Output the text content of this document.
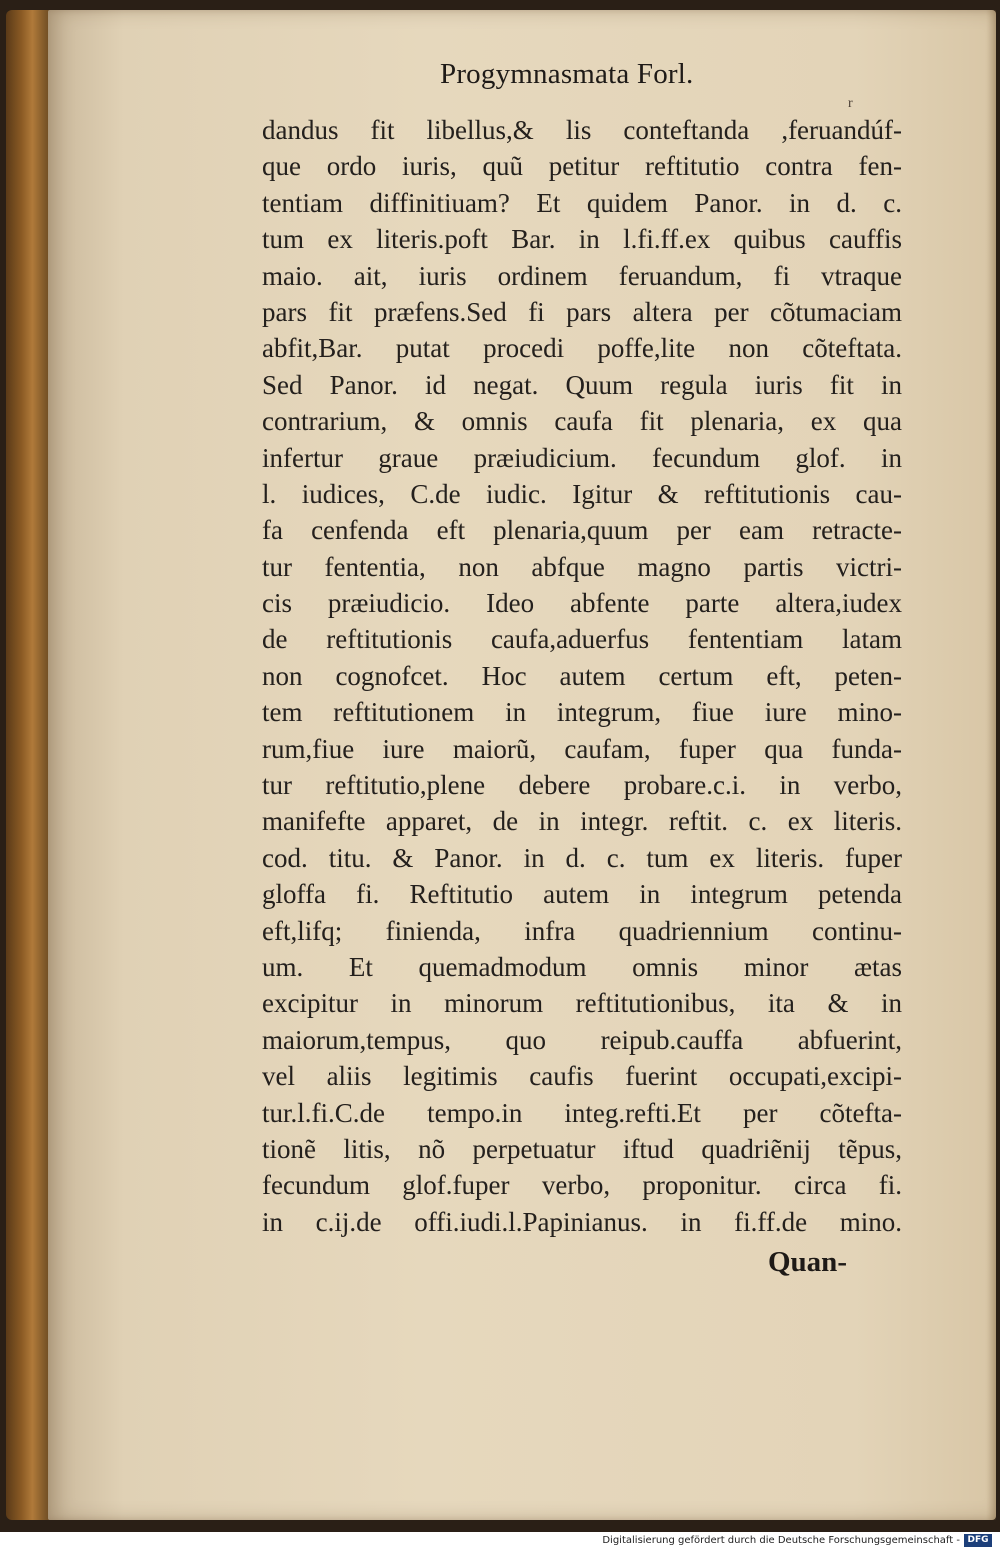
Progymnasmata Forl.
r
dandus fit libellus,& lis conteftanda ,feruandúf-
que ordo iuris, quũ petitur reftitutio contra fen-
tentiam diffinitiuam? Et quidem Panor. in d. c.
tum ex literis.poft Bar. in l.fi.ff.ex quibus cauffis
maio. ait, iuris ordinem feruandum, fi vtraque
pars fit præfens.Sed fi pars altera per cõtumaciam
abfit,Bar. putat procedi poffe,lite non cõteftata.
Sed Panor. id negat. Quum regula iuris fit in
contrarium, & omnis caufa fit plenaria, ex qua
infertur graue præiudicium. fecundum glof. in
l. iudices, C.de iudic. Igitur & reftitutionis cau-
fa cenfenda eft plenaria,quum per eam retracte-
tur fententia, non abfque magno partis victri-
cis præiudicio. Ideo abfente parte altera,iudex
de reftitutionis caufa,aduerfus fententiam latam
non cognofcet. Hoc autem certum eft, peten-
tem reftitutionem in integrum, fiue iure mino-
rum,fiue iure maiorũ, caufam, fuper qua funda-
tur reftitutio,plene debere probare.c.i. in verbo,
manifefte apparet, de in integr. reftit. c. ex literis.
cod. titu. & Panor. in d. c. tum ex literis. fuper
gloffa fi. Reftitutio autem in integrum petenda
eft,lifq; finienda, infra quadriennium continu-
um. Et quemadmodum omnis minor ætas
excipitur in minorum reftitutionibus, ita & in
maiorum,tempus, quo reipub.cauffa abfuerint,
vel aliis legitimis caufis fuerint occupati,excipi-
tur.l.fi.C.de tempo.in integ.refti.Et per cõtefta-
tionẽ litis, nõ perpetuatur iftud quadriẽnij tẽpus,
fecundum glof.fuper verbo, proponitur. circa fi.
in c.ij.de offi.iudi.l.Papinianus. in fi.ff.de mino.
Quan-
Digitalisierung gefördert durch die Deutsche Forschungsgemeinschaft - DFG
